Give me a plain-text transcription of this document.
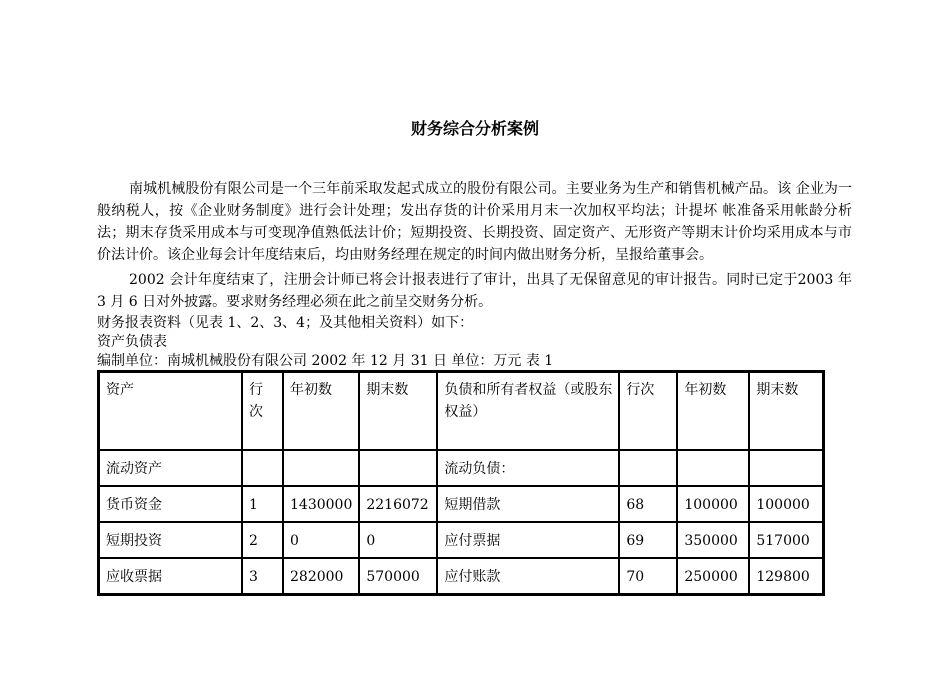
财务综合分析案例

南城机械股份有限公司是一个三年前采取发起式成立的股份有限公司。主要业务为生产和销售机械产品。该 企业为一般纳税人，按《企业财务制度》进行会计处理；发出存货的计价采用月末一次加权平均法；计提坏 帐准备采用帐龄分析法；期末存货采用成本与可变现净值熟低法计价；短期投资、长期投资、固定资产、无形资产等期末计价均采用成本与市价法计价。该企业每会计年度结束后，均由财务经理在规定的时间内做出财务分析，呈报给董事会。

2002 会计年度结束了，注册会计师已将会计报表进行了审计，出具了无保留意见的审计报告。同时已定于2003 年 3 月 6 日对外披露。要求财务经理必须在此之前呈交财务分析。

财务报表资料（见表 1、2、3、4；及其他相关资料）如下：
资产负债表
编制单位：南城机械股份有限公司 2002 年 12 月 31 日 单位：万元 表 1
资产	行次	年初数	期末数	负债和所有者权益（或股东权益）	行次	年初数	期末数
流动资产				流动负债：			
货币资金	1	1430000	2216072	短期借款	68	100000	100000
短期投资	2	0	0	应付票据	69	350000	517000
应收票据	3	282000	570000	应付账款	70	250000	129800
